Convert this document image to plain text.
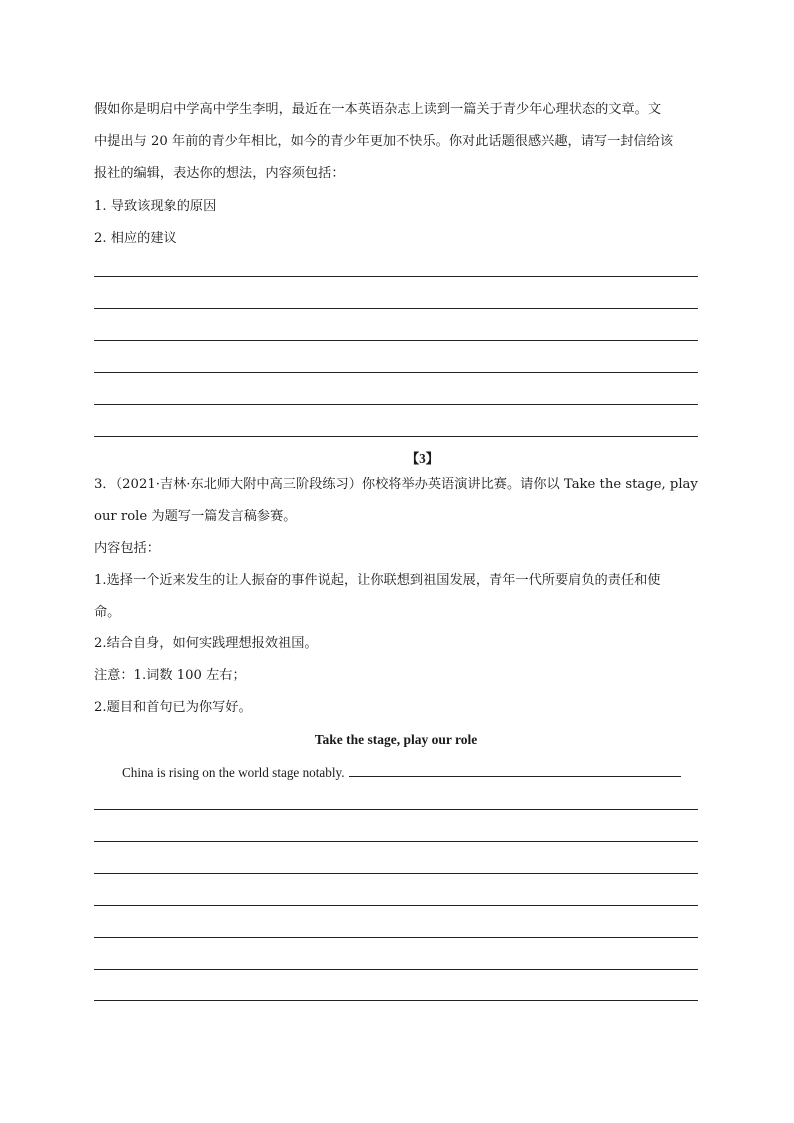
假如你是明启中学高中学生李明，最近在一本英语杂志上读到一篇关于青少年心理状态的文章。文
中提出与 20 年前的青少年相比，如今的青少年更加不快乐。你对此话题很感兴趣，请写一封信给该
报社的编辑，表达你的想法，内容须包括：
1. 导致该现象的原因
2. 相应的建议
【3】
3．（2021·吉林·东北师大附中高三阶段练习）你校将举办英语演讲比赛。请你以 Take the stage, play
our role 为题写一篇发言稿参赛。
内容包括：
1.选择一个近来发生的让人振奋的事件说起，让你联想到祖国发展，青年一代所要肩负的责任和使
命。
2.结合自身，如何实践理想报效祖国。
注意：1.词数 100 左右；
2.题目和首句已为你写好。
Take the stage, play our role
China is rising on the world stage notably.
